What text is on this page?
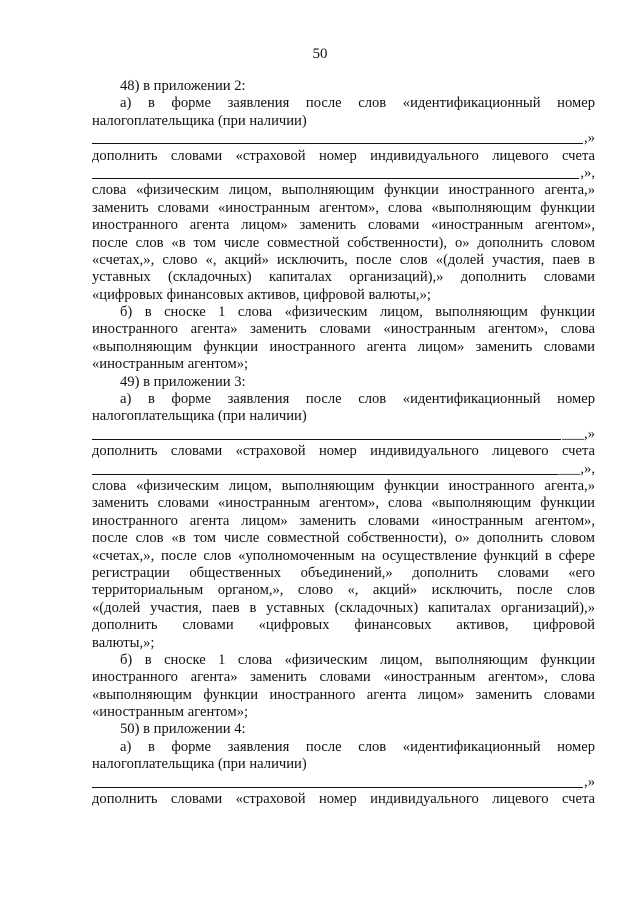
50
48) в приложении 2:
а) в форме заявления после слов «идентификационный номер
налогоплательщика (при наличии)
,»
дополнить словами «страховой номер индивидуального лицевого счета
,»,
слова «физическим лицом, выполняющим функции иностранного агента,»
заменить словами «иностранным агентом», слова «выполняющим функции
иностранного агента лицом» заменить словами «иностранным агентом»,
после слов «в том числе совместной собственности), о» дополнить словом
«счетах,», слово «, акций» исключить, после слов «(долей участия, паев в
уставных (складочных) капиталах организаций),» дополнить словами
«цифровых финансовых активов, цифровой валюты,»;
б) в сноске 1 слова «физическим лицом, выполняющим функции
иностранного агента» заменить словами «иностранным агентом», слова
«выполняющим функции иностранного агента лицом» заменить словами
«иностранным агентом»;
49) в приложении 3:
а) в форме заявления после слов «идентификационный номер
налогоплательщика (при наличии)
___,»
дополнить словами «страховой номер индивидуального лицевого счета
___,»,
слова «физическим лицом, выполняющим функции иностранного агента,»
заменить словами «иностранным агентом», слова «выполняющим функции
иностранного агента лицом» заменить словами «иностранным агентом»,
после слов «в том числе совместной собственности), о» дополнить словом
«счетах,», после слов «уполномоченным на осуществление функций в сфере
регистрации общественных объединений,» дополнить словами «его
территориальным органом,», слово «, акций» исключить, после слов
«(долей участия, паев в уставных (складочных) капиталах организаций),»
дополнить словами «цифровых финансовых активов, цифровой
валюты,»;
б) в сноске 1 слова «физическим лицом, выполняющим функции
иностранного агента» заменить словами «иностранным агентом», слова
«выполняющим функции иностранного агента лицом» заменить словами
«иностранным агентом»;
50) в приложении 4:
а) в форме заявления после слов «идентификационный номер
налогоплательщика (при наличии)
,»
дополнить словами «страховой номер индивидуального лицевого счета
